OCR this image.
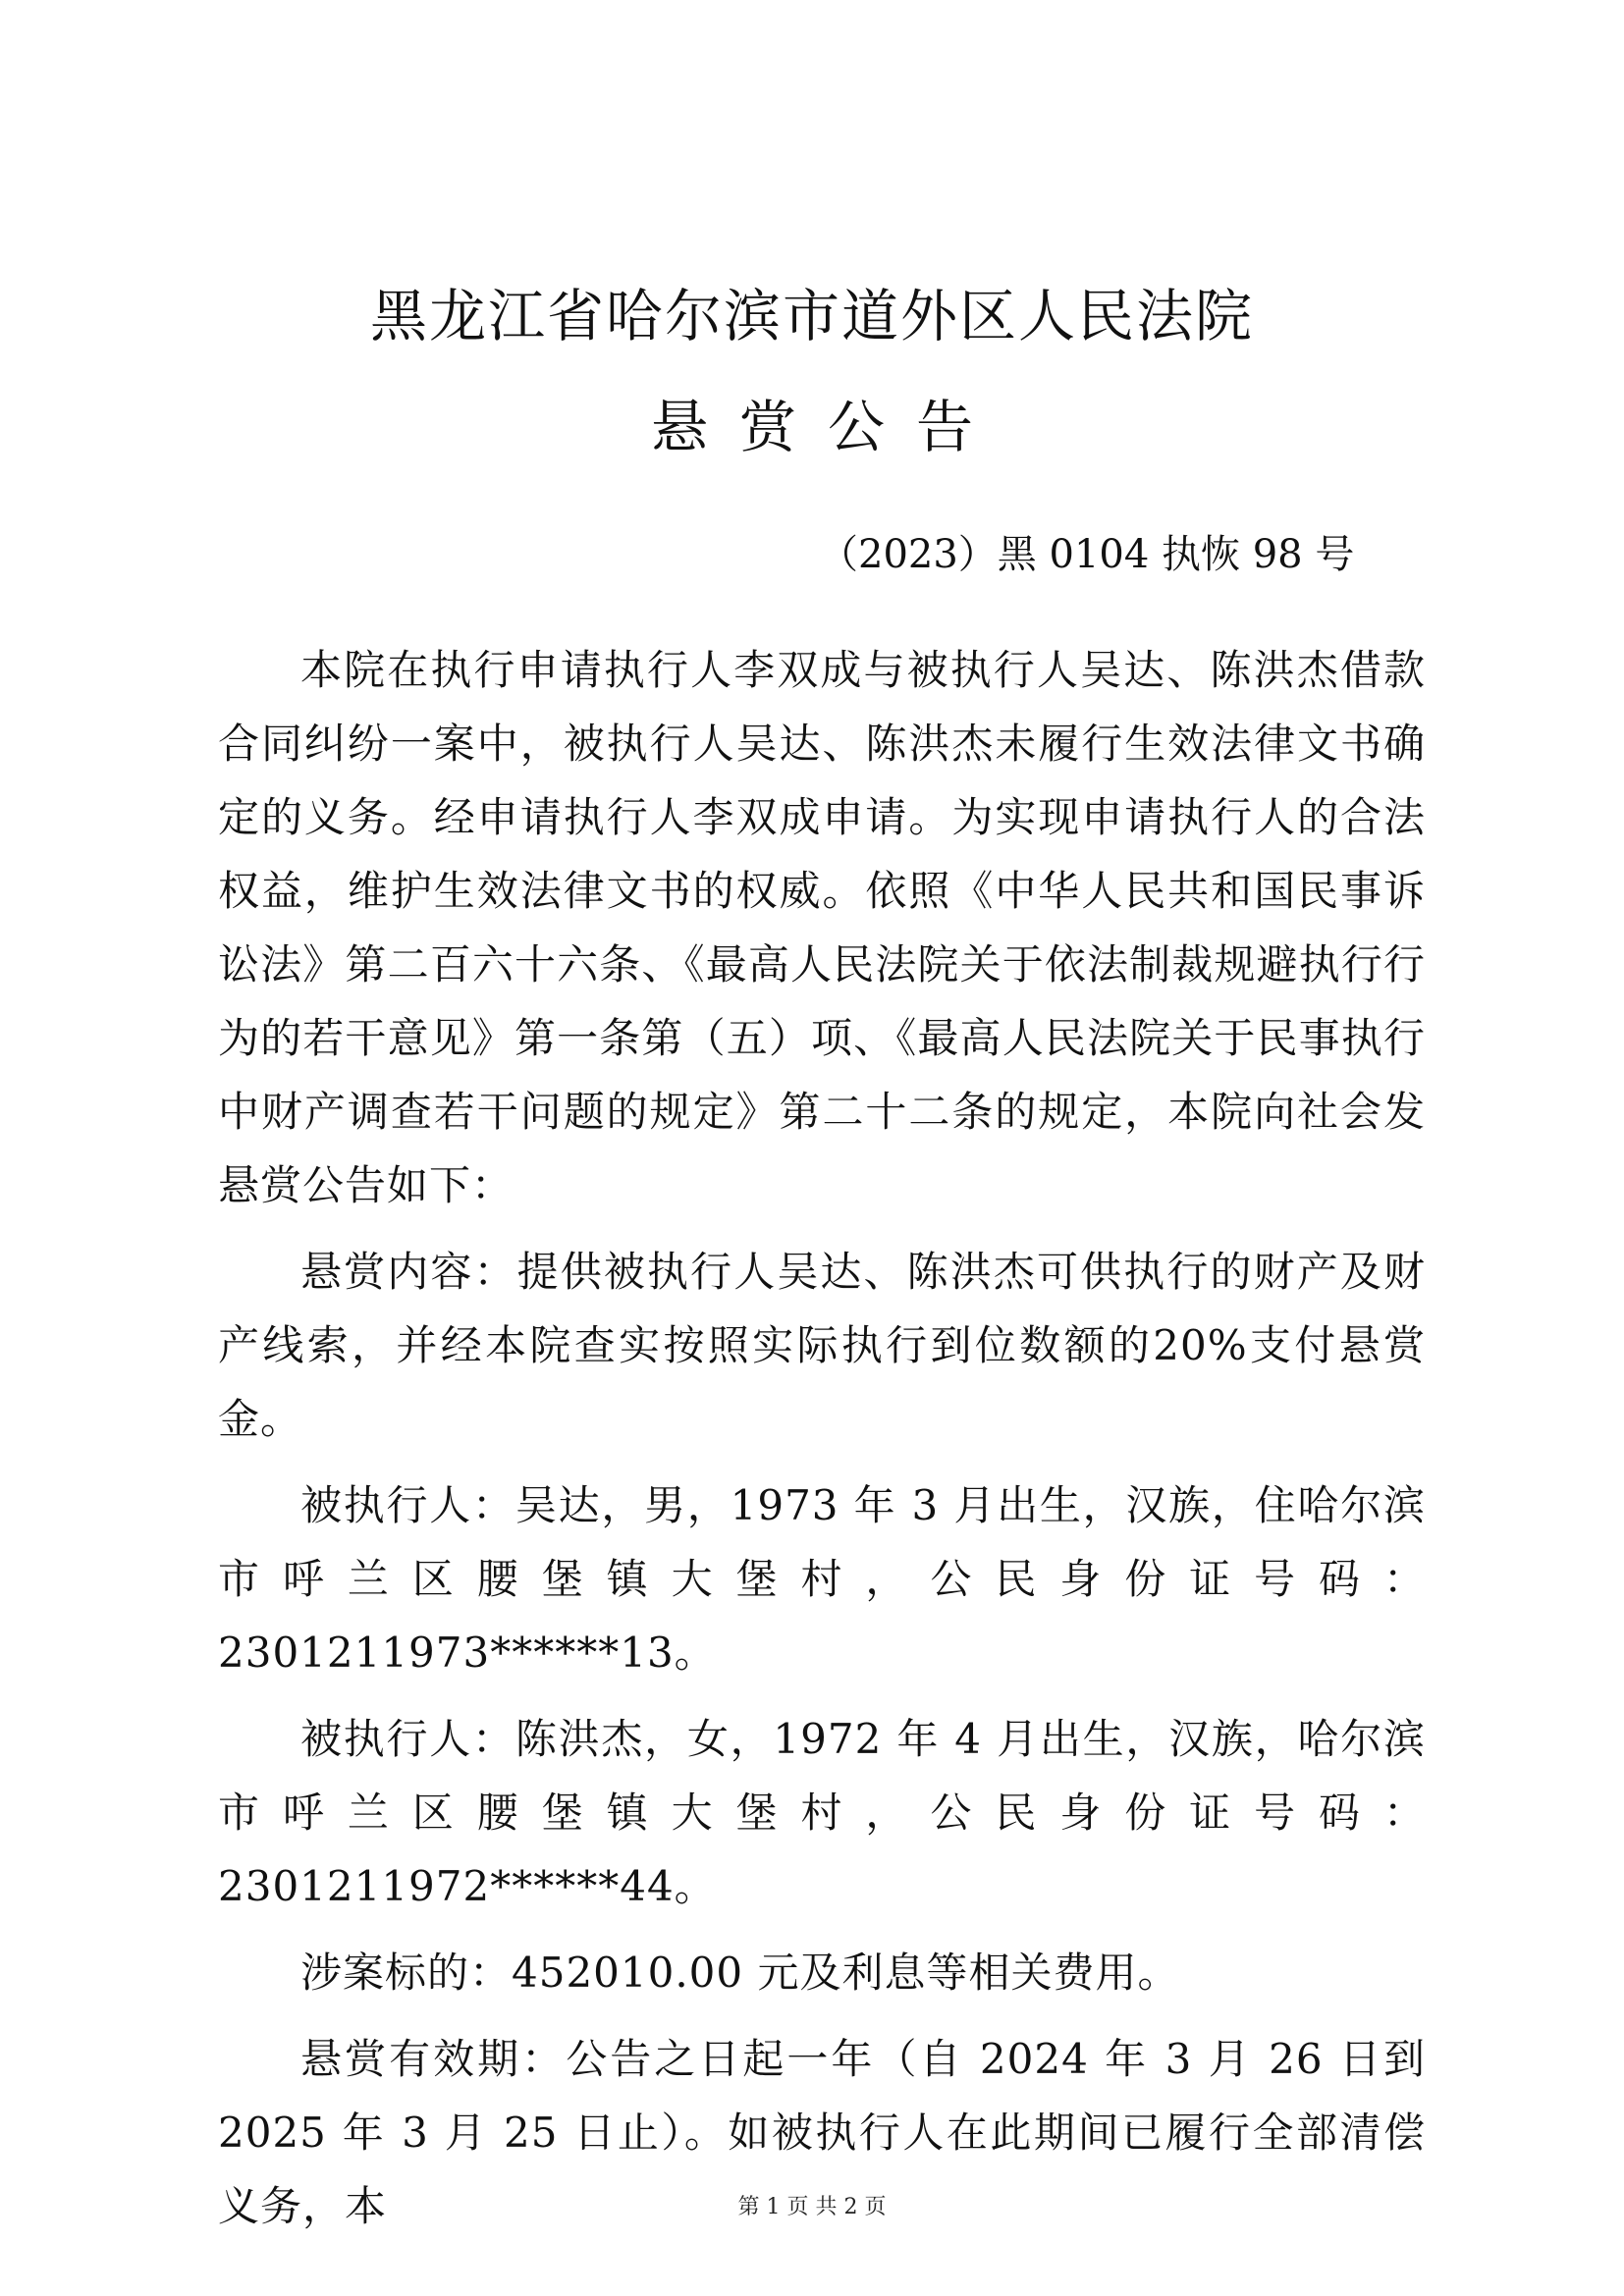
黑龙江省哈尔滨市道外区人民法院
悬赏公告
（2023）黑 0104 执恢 98 号

本院在执行申请执行人李双成与被执行人吴达、陈洪杰借款合同纠纷一案中，被执行人吴达、陈洪杰未履行生效法律文书确定的义务。经申请执行人李双成申请。为实现申请执行人的合法权益，维护生效法律文书的权威。依照《中华人民共和国民事诉讼法》第二百六十六条、《最高人民法院关于依法制裁规避执行行为的若干意见》第一条第（五）项、《最高人民法院关于民事执行中财产调查若干问题的规定》第二十二条的规定，本院向社会发悬赏公告如下：

悬赏内容：提供被执行人吴达、陈洪杰可供执行的财产及财产线索，并经本院查实按照实际执行到位数额的20%支付悬赏金。

被执行人：吴达，男，1973 年 3 月出生，汉族，住哈尔滨市呼兰区腰堡镇大堡村，公民身份证号码：2301211973******13。

被执行人：陈洪杰，女，1972 年 4 月出生，汉族，哈尔滨市呼兰区腰堡镇大堡村，公民身份证号码：2301211972******44。

涉案标的：452010.00 元及利息等相关费用。

悬赏有效期：公告之日起一年（自 2024 年 3 月 26 日到 2025 年 3 月 25 日止）。如被执行人在此期间已履行全部清偿义务，本	第 1 页 共 2 页
